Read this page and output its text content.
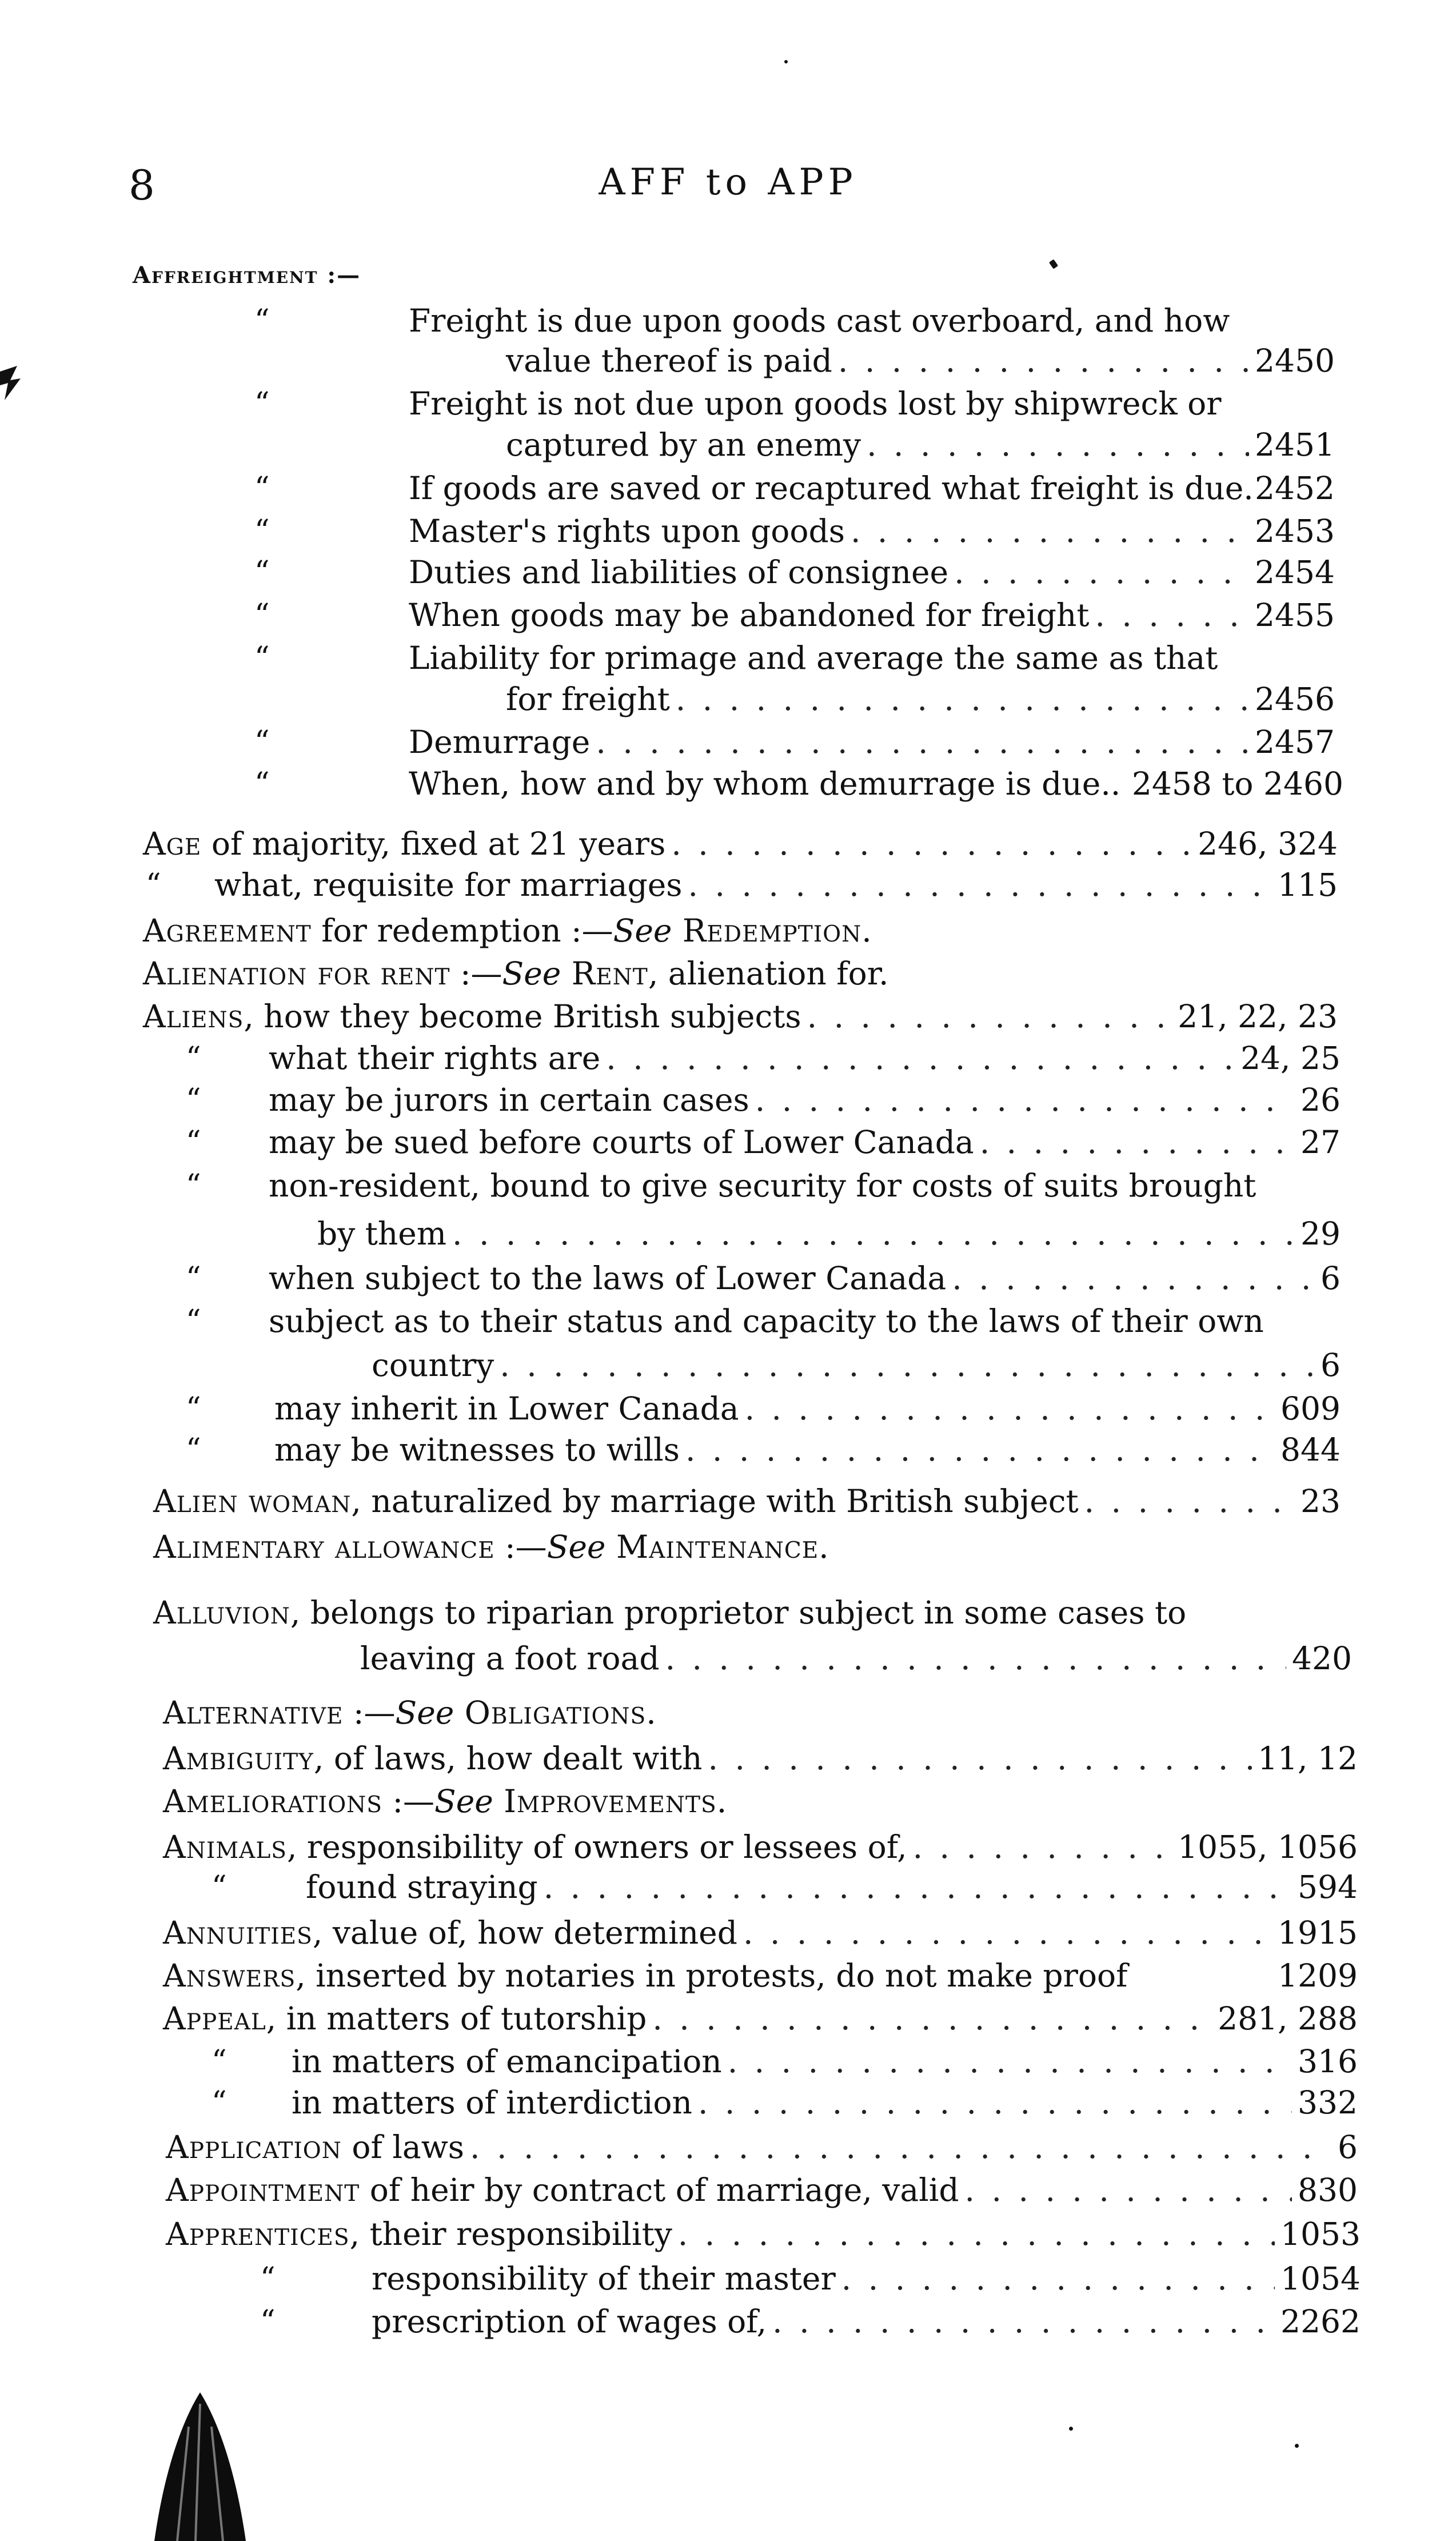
8	AFF to APP
Affreightment :—
“	Freight is due upon goods cast overboard, and how
value thereof is paid . . .	2450
“	Freight is not due upon goods lost by shipwreck or
captured by an enemy . . .	2451
“	If goods are saved or recaptured what freight is due. 2452
“	Master's rights upon goods . . .	2453
“	Duties and liabilities of consignee . . .	2454
“	When goods may be abandoned for freight . . .	2455
“	Liability for primage and average the same as that
for freight . . .	2456
“	Demurrage . . .	2457
“	When, how and by whom demurrage is due.. 2458 to 2460
Age of majority, fixed at 21 years . . .	246, 324
“ what, requisite for marriages . . .	115
Agreement for redemption :—See Redemption.
Alienation for rent :—See Rent, alienation for.
Aliens, how they become British subjects . . .	21, 22, 23
“ what their rights are . . .	24, 25
“ may be jurors in certain cases . . .	26
“ may be sued before courts of Lower Canada . . .	27
“ non-resident, bound to give security for costs of suits brought
by them . . .	29
“ when subject to the laws of Lower Canada . . .	6
“ subject as to their status and capacity to the laws of their own
country . . .	6
“ may inherit in Lower Canada . . .	609
“ may be witnesses to wills . . .	844
Alien woman, naturalized by marriage with British subject . . .	23
Alimentary allowance :—See Maintenance.
Alluvion, belongs to riparian proprietor subject in some cases to
leaving a foot road . . .	420
Alternative :—See Obligations.
Ambiguity, of laws, how dealt with . . .	11, 12
Ameliorations :—See Improvements.
Animals, responsibility of owners or lessees of, . . .	1055, 1056
“	found straying . . .	594
Annuities, value of, how determined . . .	1915
Answers, inserted by notaries in protests, do not make proof	1209
Appeal, in matters of tutorship . . .	281, 288
“ in matters of emancipation . . .	316
“ in matters of interdiction . . .	332
Application of laws . . .	6
Appointment of heir by contract of marriage, valid . . .	830
Apprentices, their responsibility . . .	1053
“	responsibility of their master . . .	1054
“	prescription of wages of, . . .	2262
